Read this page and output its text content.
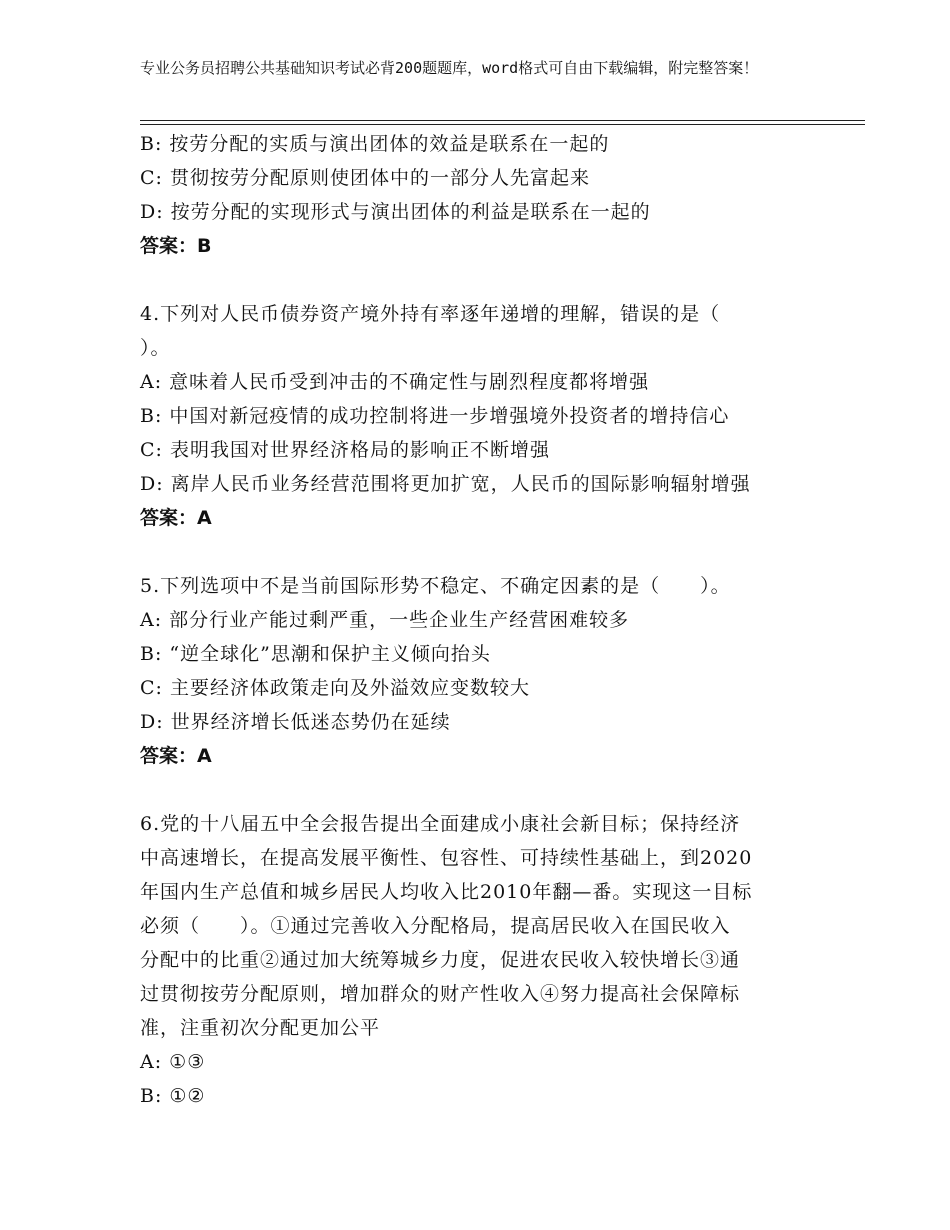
专业公务员招聘公共基础知识考试必背200题题库，word格式可自由下载编辑，附完整答案！
B: 按劳分配的实质与演出团体的效益是联系在一起的
C: 贯彻按劳分配原则使团体中的一部分人先富起来
D: 按劳分配的实现形式与演出团体的利益是联系在一起的
答案：B
4.下列对人民币债券资产境外持有率逐年递增的理解，错误的是（
）。
A: 意味着人民币受到冲击的不确定性与剧烈程度都将增强
B: 中国对新冠疫情的成功控制将进一步增强境外投资者的增持信心
C: 表明我国对世界经济格局的影响正不断增强
D: 离岸人民币业务经营范围将更加扩宽，人民币的国际影响辐射增强
答案：A
5.下列选项中不是当前国际形势不稳定、不确定因素的是（　　）。
A: 部分行业产能过剩严重，一些企业生产经营困难较多
B: “逆全球化”思潮和保护主义倾向抬头
C: 主要经济体政策走向及外溢效应变数较大
D: 世界经济增长低迷态势仍在延续
答案：A
6.党的十八届五中全会报告提出全面建成小康社会新目标；保持经济
中高速增长，在提高发展平衡性、包容性、可持续性基础上，到2020
年国内生产总值和城乡居民人均收入比2010年翻—番。实现这一目标
必须（　　）。①通过完善收入分配格局，提高居民收入在国民收入
分配中的比重②通过加大统筹城乡力度，促进农民收入较快增长③通
过贯彻按劳分配原则，增加群众的财产性收入④努力提高社会保障标
准，注重初次分配更加公平
A: ①③
B: ①②
